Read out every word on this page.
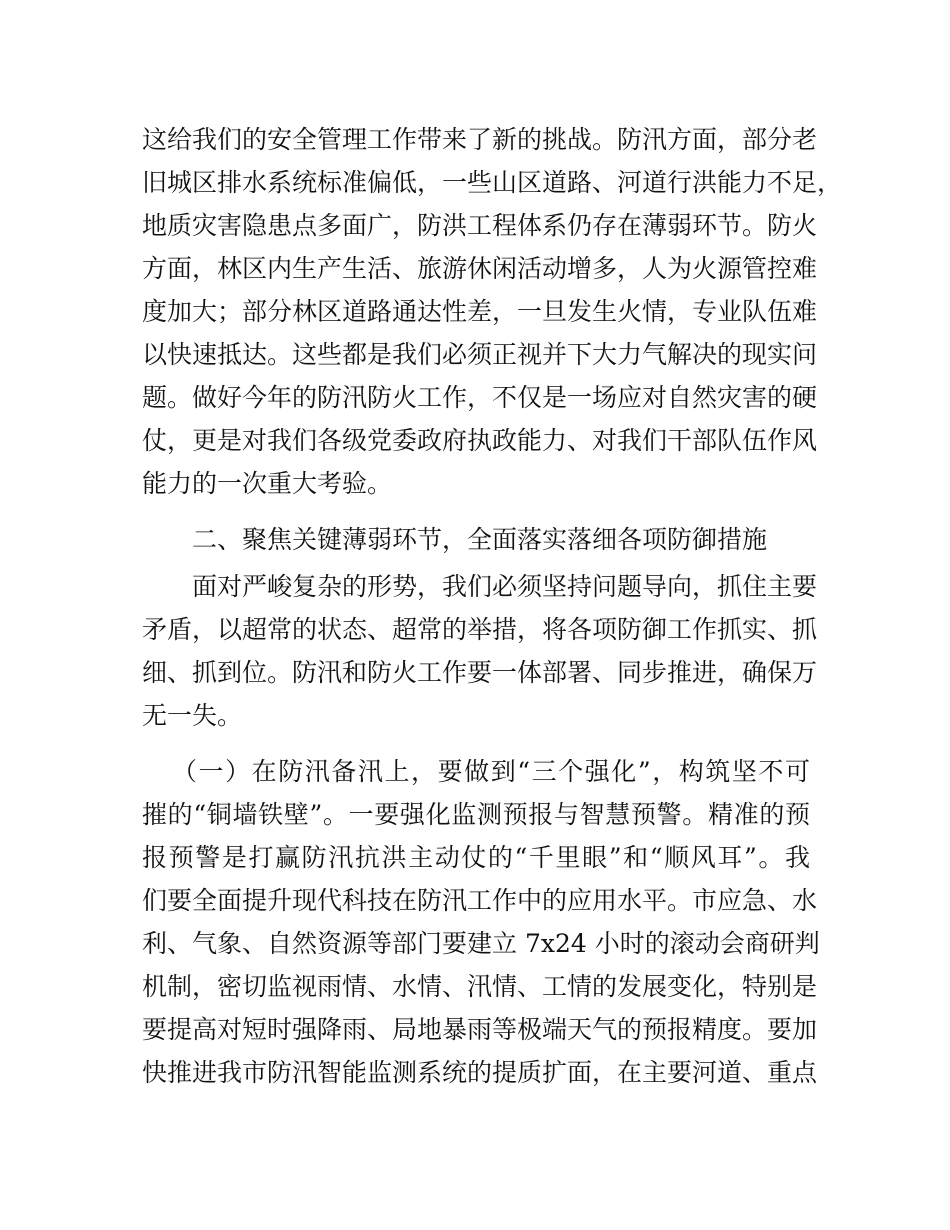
这给我们的安全管理工作带来了新的挑战。防汛方面，部分老
旧城区排水系统标准偏低，一些山区道路、河道行洪能力不足，
地质灾害隐患点多面广，防洪工程体系仍存在薄弱环节。防火
方面，林区内生产生活、旅游休闲活动增多，人为火源管控难
度加大；部分林区道路通达性差，一旦发生火情，专业队伍难
以快速抵达。这些都是我们必须正视并下大力气解决的现实问
题。做好今年的防汛防火工作，不仅是一场应对自然灾害的硬
仗，更是对我们各级党委政府执政能力、对我们干部队伍作风
能力的一次重大考验。
二、聚焦关键薄弱环节，全面落实落细各项防御措施
面对严峻复杂的形势，我们必须坚持问题导向，抓住主要
矛盾，以超常的状态、超常的举措，将各项防御工作抓实、抓
细、抓到位。防汛和防火工作要一体部署、同步推进，确保万
无一失。
（一）在防汛备汛上，要做到“三个强化”，构筑坚不可
摧的“铜墙铁壁”。一要强化监测预报与智慧预警。精准的预
报预警是打赢防汛抗洪主动仗的“千里眼”和“顺风耳”。我
们要全面提升现代科技在防汛工作中的应用水平。市应急、水
利、气象、自然资源等部门要建立 7x24 小时的滚动会商研判
机制，密切监视雨情、水情、汛情、工情的发展变化，特别是
要提高对短时强降雨、局地暴雨等极端天气的预报精度。要加
快推进我市防汛智能监测系统的提质扩面，在主要河道、重点
